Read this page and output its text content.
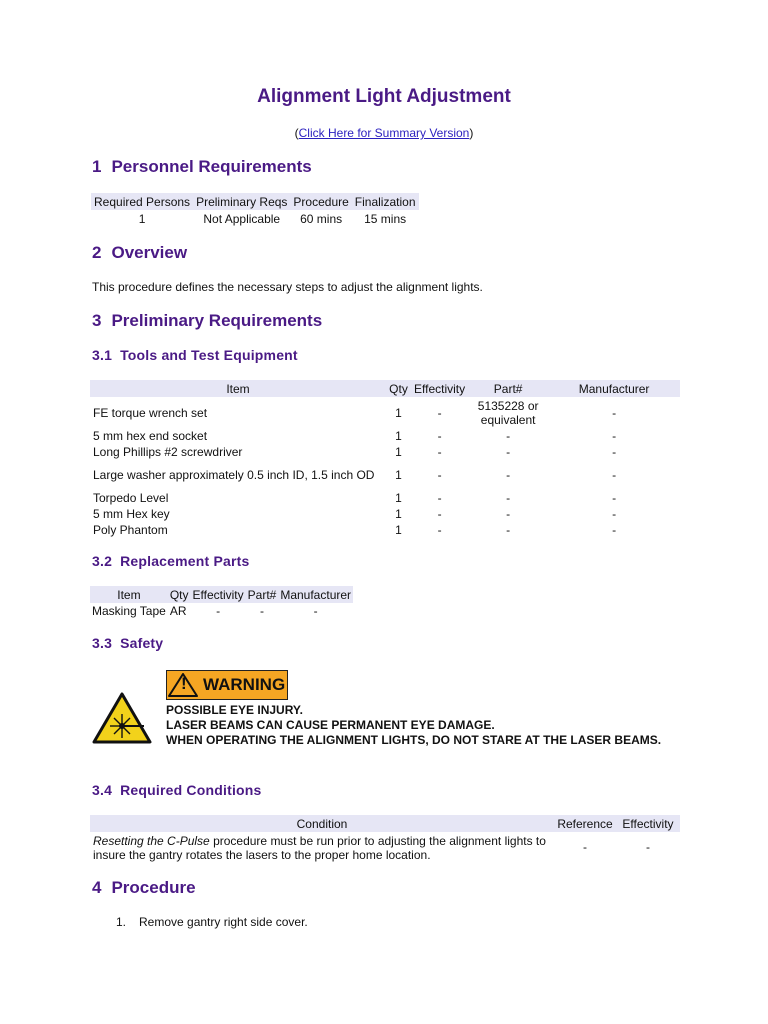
Alignment Light Adjustment
(Click Here for Summary Version)
1 Personnel Requirements
Required Persons	Preliminary Reqs	Procedure	Finalization
1	Not Applicable	60 mins	15 mins
2 Overview
This procedure defines the necessary steps to adjust the alignment lights.
3 Preliminary Requirements
3.1 Tools and Test Equipment
Item	Qty	Effectivity	Part#	Manufacturer
FE torque wrench set	1	-	5135228 or equivalent	-
5 mm hex end socket	1	-	-	-
Long Phillips #2 screwdriver	1	-	-	-
Large washer approximately 0.5 inch ID, 1.5 inch OD	1	-	-	-
Torpedo Level	1	-	-	-
5 mm Hex key	1	-	-	-
Poly Phantom	1	-	-	-
3.2 Replacement Parts
Item	Qty	Effectivity	Part#	Manufacturer
Masking Tape	AR	-	-	-
3.3 Safety
! WARNING
POSSIBLE EYE INJURY.
LASER BEAMS CAN CAUSE PERMANENT EYE DAMAGE.
WHEN OPERATING THE ALIGNMENT LIGHTS, DO NOT STARE AT THE LASER BEAMS.
3.4 Required Conditions
Condition	Reference	Effectivity
Resetting the C-Pulse procedure must be run prior to adjusting the alignment lights to insure the gantry rotates the lasers to the proper home location.	-	-
4 Procedure
1. Remove gantry right side cover.
